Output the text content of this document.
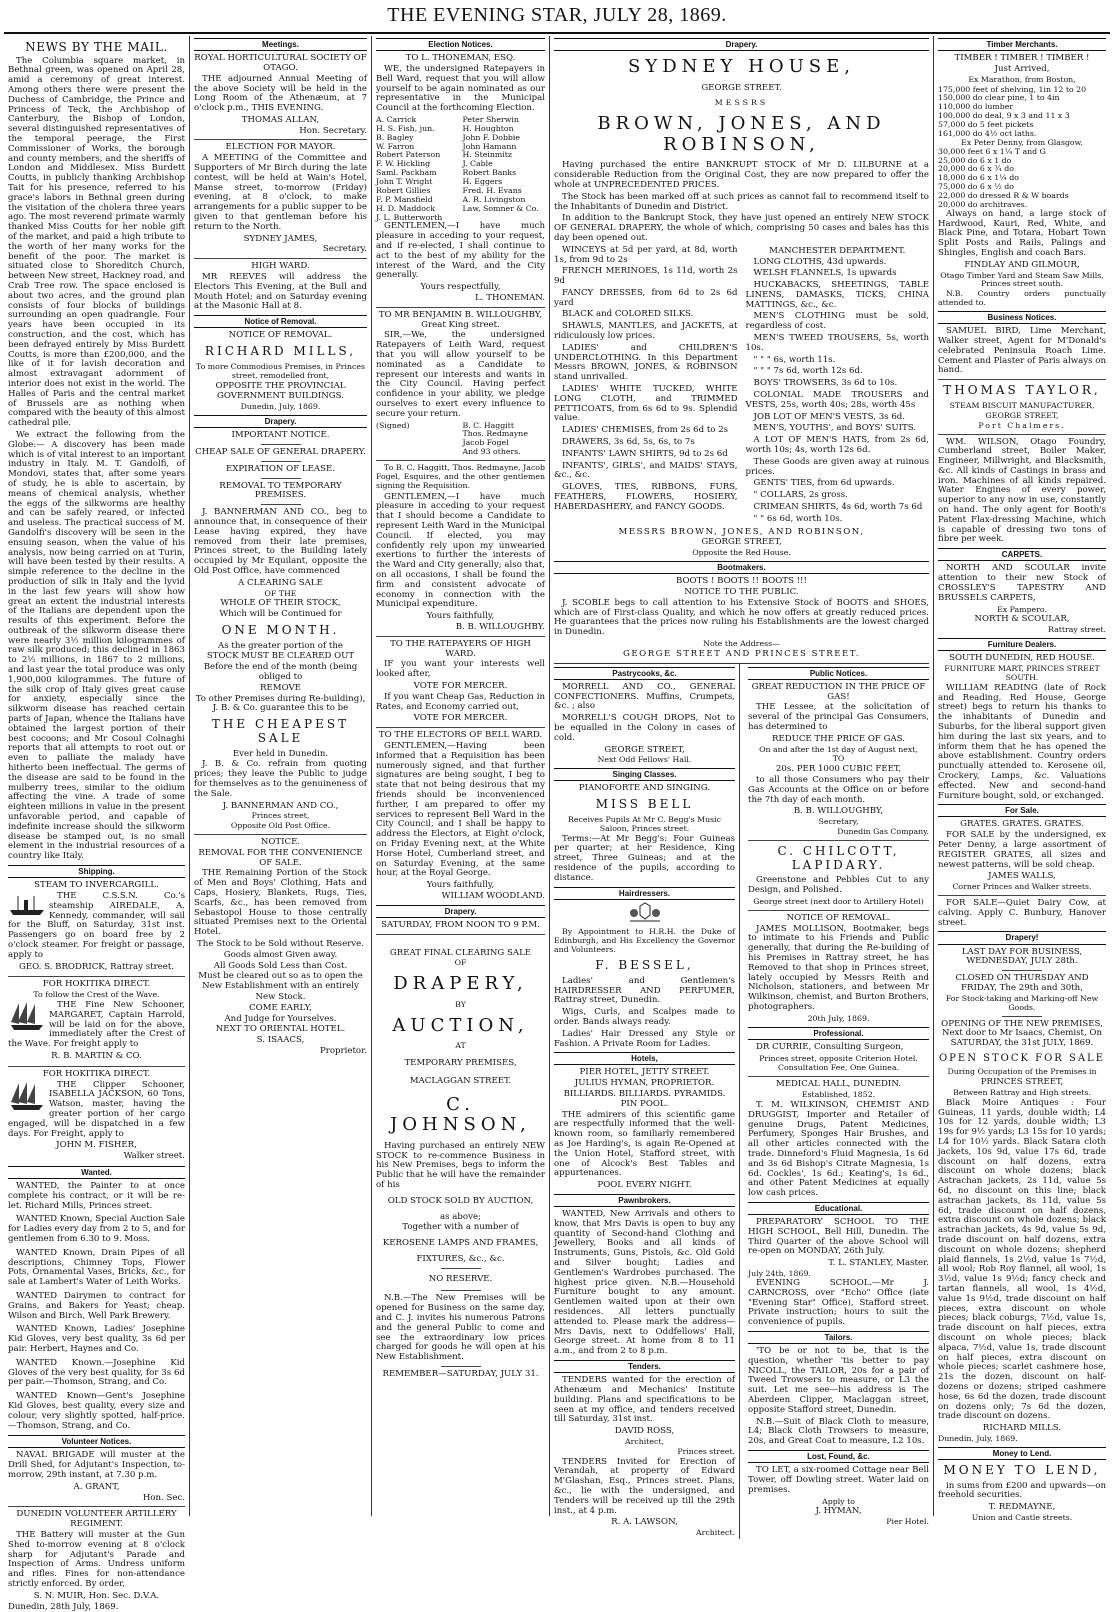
THE EVENING STAR, JULY 28, 1869.
NEWS BY THE MAIL.

The Columbia square market, in Bethnal green, was opened on April 28, amid a ceremony of great interest. Among others there were present the Duchess of Cambridge, the Prince and Princess of Teck, the Archbishop of Canterbury, the Bishop of London, several distinguished representatives of the temporal peerage, the First Commissioner of Works, the borough and county members, and the sheriffs of London and Middlesex. Miss Burdett Coutts, in publicly thanking Archbishop Tait for his presence, referred to his grace's labors in Bethnal green during the visitation of the cholera three years ago. The most reverend primate warmly thanked Miss Coutts for her noble gift of the market, and paid a high tribute to the worth of her many works for the benefit of the poor. The market is situated close to Shoreditch Church, between New street, Hackney road, and Crab Tree row. The space enclosed is about two acres, and the ground plan consists of four blocks of buildings surrounding an open quadrangle. Four years have been occupied in its construction, and the cost, which has been defrayed entirely by Miss Burdett Coutts, is more than £200,000, and the like of it for lavish decoration and almost extravagant adornment of interior does not exist in the world. The Halles of Paris and the central market of Brussels are as nothing when compared with the beauty of this almost cathedral pile.

We extract the following from the Globe:— A discovery has been made which is of vital interest to an important industry in Italy. M. T. Gandolfi, of Mondovi, states that, after some years of study, he is able to ascertain, by means of chemical analysis, whether the eggs of the silkworms are healthy and can be safely reared, or infected and useless. The practical success of M. Gandolfi's discovery will be seen in the ensuing season, when the value of his analysis, now being carried on at Turin, will have been tested by their results. A simple reference to the decline in the production of silk in Italy and the lyvid in the last few years will show how great an extent the industrial interests of the Italians are dependent upon the results of this experiment. Before the outbreak of the silkworm disease there were nearly 3½ million kilogrammes of raw silk produced; this declined in 1863 to 2½ millions, in 1867 to 2 millions, and last year the total produce was only 1,900,000 kilogrammes. The future of the silk crop of Italy gives great cause for anxiety, especially since the silkworm disease has reached certain parts of Japan, whence the Italians have obtained the largest portion of their best cocoons; and Mr Cosoul Colnaghi reports that all attempts to root out or even to palliate the malady have hitherto been ineffectual. The germs of the disease are said to be found in the mulberry trees, similar to the oidium affecting the vine. A trade of some eighteen millions in value in the present unfavorable period, and capable of indefinite increase should the silkworm disease be stamped out, is no small element in the industrial resources of a country like Italy.

Shipping.
STEAM TO INVERCARGILL.

THE C.S.S.N. Co.'s steamship AIREDALE, A. Kennedy, commander, will sail for the Bluff, on Saturday, 31st inst. Passengers go on board free by 2 o'clock steamer. For freight or passage, apply to

GEO. S. BRODRICK, Rattray street.
FOR HOKITIKA DIRECT.
To follow the Crest of the Wave.

THE Fine New Schooner, MARGARET, Captain Harrold, will be laid on for the above, immediately after the Crest of the Wave. For freight apply to

R. B. MARTIN & CO.
FOR HOKITIKA DIRECT.

THE Clipper Schooner, ISABELLA JACKSON, 60 Tons, Watson, master, having the greater portion of her cargo engaged, will be dispatched in a few days. For Freight, apply to

JOHN M. FISHER,
Walker street.
Wanted.

WANTED, the Painter to at once complete his contract, or it will be re-let. Richard Mills, Princes street.

WANTED Known, Special Auction Sale for Ladies every day from 2 to 5, and for gentlemen from 6.30 to 9. Moss.

WANTED Known, Drain Pipes of all descriptions, Chimney Tops, Flower Pots, Ornamental Vases, Bricks, &c., for sale at Lambert's Water of Leith Works.

WANTED Dairymen to contract for Grains, and Bakers for Yeast; cheap. Wilson and Birch, Well Park Brewery.

WANTED Known, Ladies' Josephine Kid Gloves, very best quality, 3s 6d per pair. Herbert, Haynes and Co.

WANTED Known.—Josephine Kid Gloves of the very best quality, for 3s 6d per pair.—Thomson, Strang, and Co.

WANTED Known—Gent's Josephine Kid Gloves, best quality, every size and colour, very slightly spotted, half-price.—Thomson, Strang, and Co.

Volunteer Notices.

NAVAL BRIGADE will muster at the Drill Shed, for Adjutant's Inspection, to-morrow, 29th instant, at 7.30 p.m.

A. GRANT,
Hon. Sec.
DUNEDIN VOLUNTEER ARTILLERY REGIMENT.

THE Battery will muster at the Gun Shed to-morrow evening at 8 o'clock sharp for Adjutant's Parade and Inspection of Arms. Undress uniform and rifles. Fines for non-attendance strictly enforced. By order,

S. N. MUIR, Hon. Sec. D.V.A.
Dunedin, 28th July, 1869.
Meetings.
ROYAL HORTICULTURAL SOCIETY OF OTAGO.

THE adjourned Annual Meeting of the above Society will be held in the Long Room of the Athenæum, at 7 o'clock p.m., THIS EVENING.

THOMAS ALLAN,
Hon. Secretary.
ELECTION FOR MAYOR.

A MEETING of the Committee and Supporters of Mr Birch during the late contest, will be held at Wain's Hotel, Manse street, to-morrow (Friday) evening, at 8 o'clock, to make arrangements for a public supper to be given to that gentleman before his return to the North.

SYDNEY JAMES,
Secretary.
HIGH WARD.

MR REEVES will address the Electors This Evening, at the Bull and Mouth Hotel; and on Saturday evening at the Masonic Hall at 8.

Notice of Removal.
NOTICE OF REMOVAL.
RICHARD MILLS,
To more Commodious Premises, in Princes street, remodelled front,
OPPOSITE THE PROVINCIAL
GOVERNMENT BUILDINGS.
Dunedin, July, 1869.
Drapery.
IMPORTANT NOTICE.
CHEAP SALE OF GENERAL DRAPERY.
EXPIRATION OF LEASE.
REMOVAL TO TEMPORARY PREMISES.

J. BANNERMAN AND CO., beg to announce that, in consequence of their Lease having expired, they have removed from their late premises, Princes street, to the Building lately occupied by Mr Equilant, opposite the Old Post Office, have commenced

A CLEARING SALE
OF THE
WHOLE OF THEIR STOCK,
Which will be Continued for
ONE MONTH.
As the greater portion of the
STOCK MUST BE CLEARED OUT
Before the end of the month (being obliged to
REMOVE
To other Premises during Re-building), J. B. & Co. guarantee this to be
THE CHEAPEST SALE
Ever held in Dunedin.

J. B. & Co. refrain from quoting prices; they leave the Public to judge for themselves as to the genuineness of the Sale.

J. BANNERMAN AND CO.,
Princes street,
Opposite Old Post Office.
NOTICE.
REMOVAL FOR THE CONVENIENCE OF SALE.

THE Remaining Portion of the Stock of Men and Boys' Clothing, Hats and Caps, Hosiery, Blankets, Rugs, Ties, Scarfs, &c., has been removed from Sebastopol House to those centrally situated Premises next to the Oriental Hotel.

The Stock to be Sold without Reserve.
Goods almost Given away.
All Goods Sold Less than Cost.
Must be cleared out so as to open the New Establishment with an entirely
New Stock.
COME EARLY,
And Judge for Yourselves.
NEXT TO ORIENTAL HOTEL.
S. ISAACS,
Proprietor.
Election Notices.
TO L. THONEMAN, ESQ.

WE, the undersigned Ratepayers in Bell Ward, request that you will allow yourself to be again nominated as our representative in the Municipal Council at the forthcoming Election.

A. Carrick
H. S. Fish, jun.
B. Bagley
W. Farron
Robert Paterson
F. W. Hickling
Saml. Packham
John T. Wright
Robert Gillies
F. P. Mansfield
H. D. Maddock
J. L. Butterworth
Peter Sherwin
H. Houghton
John F. Dobbie
John Hamann
H. Steinmitz
J. Cable
Robert Banks
H. Eggers
Fred. H. Evans
A. R. Livingston
Law, Somner & Co.

GENTLEMEN,—I have much pleasure in acceding to your request, and if re-elected, I shall continue to act to the best of my ability for the interest of the Ward, and the City generally.

Yours respectfully,
L. THONEMAN.
TO MR BENJAMIN B. WILLOUGHBY, Great King street.

SIR,—We, the undersigned Ratepayers of Leith Ward, request that you will allow yourself to be nominated as a Candidate to represent our interests and wants in the City Council. Having perfect confidence in your ability, we pledge ourselves to exert every influence to secure your return.

(Signed)	B. C. Haggitt
Thos. Redmayne
Jacob Fogel
And 93 others.

To B. C. Haggitt, Thos. Redmayne, Jacob Fogel, Esquires, and the other gentlemen signing the Requisition.

GENTLEMEN,—I have much pleasure in acceding to your request that I should become a Candidate to represent Leith Ward in the Municipal Council. If elected, you may confidently rely upon my unwearied exertions to further the interests of the Ward and City generally; also that, on all occasions, I shall be found the firm and consistent advocate of economy in connection with the Municipal expenditure.

Yours faithfully,
B. B. WILLOUGHBY.
TO THE RATEPAYERS OF HIGH WARD.

IF you want your interests well looked after,

VOTE FOR MERCER.

If you want Cheap Gas, Reduction in Rates, and Economy carried out,

VOTE FOR MERCER.
TO THE ELECTORS OF BELL WARD.

GENTLEMEN,—Having been informed that a Requisition has been numerously signed, and that further signatures are being sought, I beg to state that not being desirous that my friends should be inconvenienced further, I am prepared to offer my services to represent Bell Ward in the City Council, and I shall be happy to address the Electors, at Eight o'clock, on Friday Evening next, at the White Horse Hotel, Cumberland street, and on Saturday Evening, at the same hour, at the Royal George.

Yours faithfully,
WILLIAM WOODLAND.
Drapery.
SATURDAY, FROM NOON TO 9 P.M.
GREAT FINAL CLEARING SALE
OF
DRAPERY,
BY
AUCTION,
AT
TEMPORARY PREMISES,
MACLAGGAN STREET.
C. JOHNSON,

Having purchased an entirely NEW STOCK to re-commence Business in his New Premises, begs to inform the Public that he will have the remainder of his

OLD STOCK SOLD BY AUCTION,
as above;
Together with a number of
KEROSENE LAMPS AND FRAMES,
FIXTURES, &c., &c.
NO RESERVE.

N.B.—The New Premises will be opened for Business on the same day, and C. J. invites his numerous Patrons and the general Public to come and see the extraordinary low prices charged for goods he will open at his New Establishment.

REMEMBER—SATURDAY, JULY 31.
Drapery.
SYDNEY HOUSE,
GEORGE STREET.
MESSRS
BROWN, JONES, AND ROBINSON,

Having purchased the entire BANKRUPT STOCK of Mr D. LILBURNE at a considerable Reduction from the Original Cost, they are now prepared to offer the whole at UNPRECEDENTED PRICES.

The Stock has been marked off at such prices as cannot fail to recommend itself to the Inhabitants of Dunedin and District.

In addition to the Bankrupt Stock, they have just opened an entirely NEW STOCK OF GENERAL DRAPERY, the whole of which, comprising 50 cases and bales has this day been opened out.

WINCEYS at 5d per yard, at 8d, worth 1s, from 9d to 2s

FRENCH MERINOES, 1s 11d, worth 2s 9d

FANCY DRESSES, from 6d to 2s 6d yard

BLACK and COLORED SILKS.

SHAWLS, MANTLES, and JACKETS, at ridiculously low prices.

LADIES' and CHILDREN'S UNDERCLOTHING. In this Department Messrs BROWN, JONES, & ROBINSON stand unrivalled.

LADIES' WHITE TUCKED, WHITE LONG CLOTH, and TRIMMED PETTICOATS, from 6s 6d to 9s. Splendid value.

LADIES' CHEMISES, from 2s 6d to 2s

DRAWERS, 3s 6d, 5s, 6s, to 7s

INFANTS' LAWN SHIRTS, 9d to 2s 6d

INFANTS', GIRLS', and MAIDS' STAYS, &c., &c.

GLOVES, TIES, RIBBONS, FURS, FEATHERS, FLOWERS, HOSIERY, HABERDASHERY, and FANCY GOODS.

MANCHESTER DEPARTMENT.

LONG CLOTHS, 43d upwards.

WELSH FLANNELS, 1s upwards

HUCKABACKS, SHEETINGS, TABLE LINENS, DAMASKS, TICKS, CHINA MATTINGS, &c., &c.

MEN'S CLOTHING must be sold, regardless of cost.

MEN'S TWEED TROUSERS, 5s, worth 10s.

" " " 6s, worth 11s.

" " " 7s 6d, worth 12s 6d.

BOYS' TROWSERS, 3s 6d to 10s.

COLONIAL MADE TROUSERS and VESTS, 25s, worth 40s; 28s, worth 45s

JOB LOT OF MEN'S VESTS, 3s 6d.

MEN'S, YOUTHS', and BOYS' SUITS.

A LOT OF MEN'S HATS, from 2s 6d, worth 10s; 4s, worth 12s 6d.

These Goods are given away at ruinous prices.

GENTS' TIES, from 6d upwards.

" COLLARS, 2s gross.

CRIMEAN SHIRTS, 4s 6d, worth 7s 6d

" " 6s 6d, worth 10s.

MESSRS BROWN, JONES, AND ROBINSON,
GEORGE STREET,
Opposite the Red House.
Bootmakers.
BOOTS ! BOOTS !! BOOTS !!!
NOTICE TO THE PUBLIC.

J. SCOBLE begs to call attention to his Extensive Stock of BOOTS and SHOES, which are of First-class Quality, and which he now offers at greatly reduced prices. He guarantees that the prices now ruling his Establishments are the lowest charged in Dunedin.

Note the Address—
GEORGE STREET AND PRINCES STREET.
Pastrycooks, &c.

MORRELL AND CO., GENERAL CONFECTIONERS. Muffins, Crumpets, &c. ; also

MORRELL'S COUGH DROPS, Not to be equalled in the Colony in cases of cold.

GEORGE STREET,
Next Odd Fellows' Hall.
Singing Classes.
PIANOFORTE AND SINGING.
MISS BELL
Receives Pupils At Mr C. Begg's Music Saloon, Princes street.

Terms:—At Mr Begg's: Four Guineas per quarter; at her Residence, King street, Three Guineas; and at the residence of the pupils, according to distance.

Hairdressers.

By Appointment to H.R.H. the Duke of Edinburgh, and His Excellency the Governor and Volunteers.

F. BESSEL,

Ladies' and Gentlemen's HAIRDRESSER AND PERFUMER, Rattray street, Dunedin.

Wigs, Curls, and Scalpes made to order. Bands always ready.

Ladies' Hair Dressed any Style or Fashion. A Private Room for Ladies.

Hotels,
PIER HOTEL, JETTY STREET.
JULIUS HYMAN, PROPRIETOR.
BILLIARDS. BILLIARDS. PYRAMIDS. PIN POOL.

THE admirers of this scientific game are respectfully informed that the well-known room, so familiarly remembered as Joe Harding's, is again Re-Opened at the Union Hotel, Stafford street, with one of Alcock's Best Tables and appurtenances.

POOL EVERY NIGHT.
Pawnbrokers.

WANTED, New Arrivals and others to know, that Mrs Davis is open to buy any quantity of Second-hand Clothing and Jewellery, Books and all kinds of Instruments, Guns, Pistols, &c. Old Gold and Silver bought; Ladies and Gentlemen's Wardrobes purchased. The highest price given. N.B.—Household Furniture bought to any amount. Gentlemen waited upon at their own residences. All letters punctually attended to. Please mark the address—Mrs Davis, next to Oddfellows' Hall, George street. At home from 8 to 11 a.m., and from 2 to 8 p.m.

Tenders.

TENDERS wanted for the erection of Athenæum and Mechanics' Institute building. Plans and specifications to be seen at my office, and tenders received till Saturday, 31st inst.

DAVID ROSS,
Architect,
Princes street.

TENDERS Invited for Erection of Verandah, at property of Edward M'Glashan, Esq., Princes street. Plans, &c., lie with the undersigned, and Tenders will be received up till the 29th inst., at 4 p.m.

R. A. LAWSON,
Architect.
Public Notices.
GREAT REDUCTION IN THE PRICE OF GAS!

THE Lessee, at the solicitation of several of the principal Gas Consumers, has determined to

REDUCE THE PRICE OF GAS.
On and after the 1st day of August next,
TO
20s. PER 1000 CUBIC FEET,

to all those Consumers who pay their Gas Accounts at the Office on or before the 7th day of each month.

B. B. WILLOUGHBY,
Secretary,
Dunedin Gas Company.
C. CHILCOTT, LAPIDARY.

Greenstone and Pebbles Cut to any Design, and Polished.

George street (next door to Artillery Hotel)
NOTICE OF REMOVAL.

JAMES MOLLISON, Bootmaker, begs to intimate to his Friends and Public generally, that during the Re-building of his Premises in Rattray street, he has Removed to that shop in Princes street, lately occupied by Messrs Reith and Nicholson, stationers, and between Mr Wilkinson, chemist, and Burton Brothers, photographers.

20th July, 1869.
Professional.

DR CURRIE, Consulting Surgeon,

Princes street, opposite Criterion Hotel.
Consultation Fee, One Guinea.
MEDICAL HALL, DUNEDIN.
Established, 1852.

T. M. WILKINSON, CHEMIST AND DRUGGIST, Importer and Retailer of genuine Drugs, Patent Medicines, Perfumery, Sponges Hair Brushes, and all other articles connected with the trade. Dinneford's Fluid Magnesia, 1s 6d and 3s 6d Bishop's Citrate Magnesia, 1s 6d. Cockles', 1s 6d.; Keating's, 1s 6d., and other Patent Medicines at equally low cash prices.

Educational.

PREPARATORY SCHOOL TO THE HIGH SCHOOL, Bell Hill, Dunedin. The Third Quarter of the above School will re-open on MONDAY, 26th July.

T. L. STANLEY, Master.
July 24th, 1869.

EVENING SCHOOL.—Mr J. CARNCROSS, over "Echo" Office (late "Evening Star" Office), Stafford street. Private instruction; hours to suit the convenience of pupils.

Tailors.

'TO be or not to be, that is the question, whether 'tis better to pay NICOLL, the TAILOR, 20s for a pair of Tweed Trowsers to measure, or L3 the suit. Let me see—his address is The Aberdeen Clipper, Maclaggan street, opposite Stafford street, Dunedin.

N.B.—Suit of Black Cloth to measure, L4; Black Cloth Trowsers to measure, 20s, and Great Coat to measure, L2 10s.

Lost, Found, &c.

TO LET, a six-roomed Cottage near Bell Tower, off Dowling street. Water laid on premises.

Apply to
J. HYMAN,
Pier Hotel.
Timber Merchants.
TIMBER ! TIMBER ! TIMBER !
Just Arrived,
Ex Marathon, from Boston,
175,000 feet of shelving, 1in 12 to 20
150,000 do clear pine, 1 to 4in
110,000 do lumber
100,000 do deal, 9 x 3 and 11 x 3
57,000 do 5 feet pickets
161,000 do 4½ oct laths.
Ex Peter Denny, from Glasgow.
30,000 feet 6 x 1¼ T and G
25,000 do 6 x 1 do
20,000 do 6 x ¾ do
18,000 do 6 x 1¼ do
75,000 do 6 x ½ do
22,000 do dressed R & W boards
20,000 do architraves.

Always on hand, a large stock of Hardwood, Kauri, Red, White, and Black Pine, and Totara, Hobart Town Split Posts and Rails, Palings and Shingles, English and coach Bars.

FINDLAY AND GILMOUR,
Otago Timber Yard and Steam Saw Mills, Princes street south.

N.B. Country orders punctually attended to.

Business Notices.

SAMUEL BIRD, Lime Merchant, Walker street, Agent for M'Donald's celebrated Peninsula Roach Lime. Cement and Plaster of Paris always on hand.

THOMAS TAYLOR,
STEAM BISCUIT MANUFACTURER,
GEORGE STREET,
Port Chalmers.

WM. WILSON, Otago Foundry, Cumberland street, Boiler Maker, Engineer, Millwright, and Blacksmith, &c. All kinds of Castings in brass and iron. Machines of all kinds repaired. Water Engines of every power, superior to any now in use, constantly on hand. The only agent for Booth's Patent Flax-dressing Machine, which is capable of dressing two tons of fibre per week.

CARPETS.

NORTH AND SCOULAR invite attention to their new Stock of CROSSLEY'S TAPESTRY AND BRUSSELS CARPETS,

Ex Pampero.
NORTH & SCOULAR,
Rattray street.
Furniture Dealers.
SOUTH DUNEDIN, RED HOUSE.
FURNITURE MART, PRINCES STREET SOUTH.

WILLIAM READING (late of Rock and Reading, Red House, George street) begs to return his thanks to the inhabitants of Dunedin and Suburbs, for the liberal support given him during the last six years, and to inform them that he has opened the above establishment. Country orders punctually attended to. Kerosene oil, Crockery, Lamps, &c. Valuations effected. New and second-hand Furniture bought, sold, or exchanged.

For Sale.
GRATES. GRATES. GRATES.

FOR SALE by the undersigned, ex Peter Denny, a large assortment of REGISTER GRATES, all sizes and newest patterns, will be sold cheap.

JAMES WALLS,
Corner Princes and Walker streets.

FOR SALE—Quiet Dairy Cow, at calving. Apply C. Bunbury, Hanover street.

Drapery!
LAST DAY FOR BUSINESS, WEDNESDAY, JULY 28th.
CLOSED ON THURSDAY AND FRIDAY, The 29th and 30th,
For Stock-taking and Marking-off New Goods.
OPENING OF THE NEW PREMISES, Next door to Mr Isaacs, Chemist, On SATURDAY, the 31st JULY, 1869.
OPEN STOCK FOR SALE
During Occupation of the Premises in
PRINCES STREET,
Between Rattray and High streets.

Black Moire Antiques : Four Guineas, 11 yards, double width; L4 10s for 12 yards, double width; L3 19s for 9½ yards; L3 15s for 10 yards; L4 for 10½ yards. Black Satara cloth jackets, 10s 9d, value 17s 6d, trade discount on half dozens, extra discount on whole dozens; black Astrachan jackets, 2s 11d, value 5s 6d, no discount on this line; black astrachan jackets, 8s 11d, value 5s 6d, trade discount on half dozens, extra discount on whole dozens; black astrachan jackets, 4s 9d, value 5s 9d, trade discount on half dozens, extra discount on whole dozens; shepherd plaid flannels, 1s 2½d, value 1s 7½d, all wool; Rob Roy flannel, all wool, 1s 3½d, value 1s 9½d; fancy check and tartan flannels, all wool, 1s 4½d, value 1s 9½d, trade discount on half pieces, extra discount on whole pieces; black coburgs, 7½d, value 1s, trade discount on half pieces, extra discount on whole pieces; black alpaca, 7½d, value 1s, trade discount on half pieces, extra discount on whole pieces; scarlet cashmere hose, 21s the dozen, discount on half-dozens or dozens; striped cashmere hose, 6s 6d the dozen, trade discount on dozens only; 7s 6d the dozen, trade discount on dozens.

RICHARD MILLS.
Dunedin, July, 1869.
Money to Lend.
MONEY TO LEND,

in sums from £200 and upwards—on freehold securities.

T. REDMAYNE,
Union and Castle streets.
